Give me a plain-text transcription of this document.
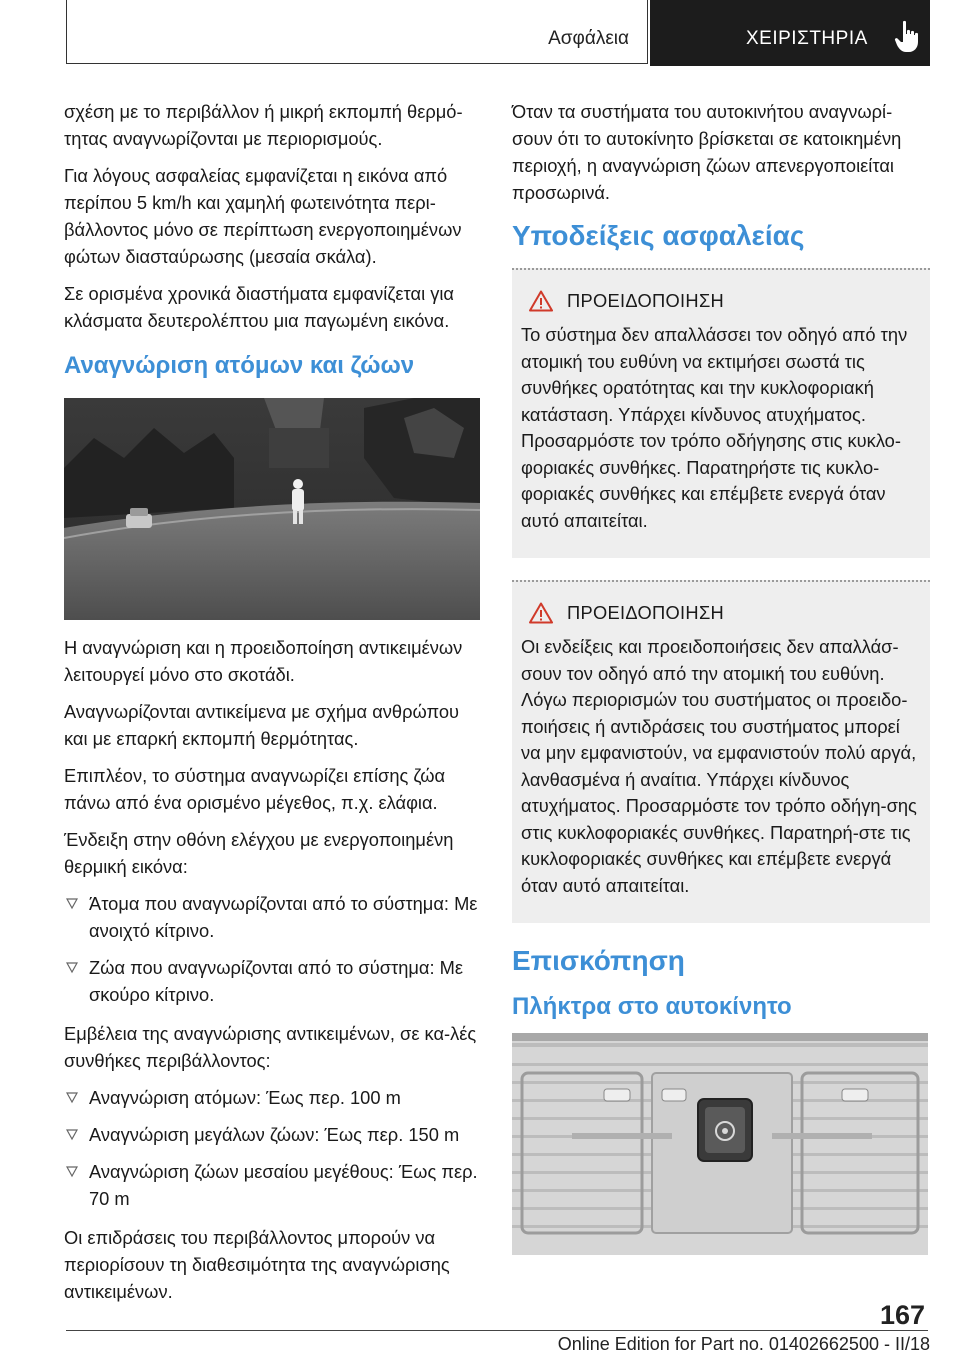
Ασφάλεια	ΧΕΙΡΙΣΤΗΡΙΑ

σχέση με το περιβάλλον ή μικρή εκπομπή θερμό-τητας αναγνωρίζονται με περιορισμούς.

Για λόγους ασφαλείας εμφανίζεται η εικόνα από περίπου 5 km/h και χαμηλή φωτεινότητα περι-βάλλοντος μόνο σε περίπτωση ενεργοποιημένων φώτων διασταύρωσης (μεσαία σκάλα).

Σε ορισμένα χρονικά διαστήματα εμφανίζεται για κλάσματα δευτερολέπτου μια παγωμένη εικόνα.

Αναγνώριση ατόμων και ζώων

Η αναγνώριση και η προειδοποίηση αντικειμένων λειτουργεί μόνο στο σκοτάδι.

Αναγνωρίζονται αντικείμενα με σχήμα ανθρώπου και με επαρκή εκπομπή θερμότητας.

Επιπλέον, το σύστημα αναγνωρίζει επίσης ζώα πάνω από ένα ορισμένο μέγεθος, π.χ. ελάφια.

Ένδειξη στην οθόνη ελέγχου με ενεργοποιημένη θερμική εικόνα:

Άτομα που αναγνωρίζονται από το σύστημα: Με ανοιχτό κίτρινο.
Ζώα που αναγνωρίζονται από το σύστημα: Με σκούρο κίτρινο.

Εμβέλεια της αναγνώρισης αντικειμένων, σε κα-λές συνθήκες περιβάλλοντος:

Αναγνώριση ατόμων: Έως περ. 100 m
Αναγνώριση μεγάλων ζώων: Έως περ. 150 m
Αναγνώριση ζώων μεσαίου μεγέθους: Έως περ. 70 m

Οι επιδράσεις του περιβάλλοντος μπορούν να περιορίσουν τη διαθεσιμότητα της αναγνώρισης αντικειμένων.

Όταν τα συστήματα του αυτοκινήτου αναγνωρί-σουν ότι το αυτοκίνητο βρίσκεται σε κατοικημένη περιοχή, η αναγνώριση ζώων απενεργοποιείται προσωρινά.

Υποδείξεις ασφαλείας
ΠΡΟΕΙΔΟΠΟΙΗΣΗ

Το σύστημα δεν απαλλάσσει τον οδηγό από την ατομική του ευθύνη να εκτιμήσει σωστά τις συνθήκες ορατότητας και την κυκλοφοριακή κατάσταση. Υπάρχει κίνδυνος ατυχήματος. Προσαρμόστε τον τρόπο οδήγησης στις κυκλο-φοριακές συνθήκες. Παρατηρήστε τις κυκλο-φοριακές συνθήκες και επέμβετε ενεργά όταν αυτό απαιτείται.

ΠΡΟΕΙΔΟΠΟΙΗΣΗ

Οι ενδείξεις και προειδοποιήσεις δεν απαλλάσ-σουν τον οδηγό από την ατομική του ευθύνη. Λόγω περιορισμών του συστήματος οι προειδο-ποιήσεις ή αντιδράσεις του συστήματος μπορεί να μην εμφανιστούν, να εμφανιστούν πολύ αργά, λανθασμένα ή αναίτια. Υπάρχει κίνδυνος ατυχήματος. Προσαρμόστε τον τρόπο οδήγη-σης στις κυκλοφοριακές συνθήκες. Παρατηρή-στε τις κυκλοφοριακές συνθήκες και επέμβετε ενεργά όταν αυτό απαιτείται.

Επισκόπηση
Πλήκτρα στο αυτοκίνητο
167
Online Edition for Part no. 01402662500 - II/18
